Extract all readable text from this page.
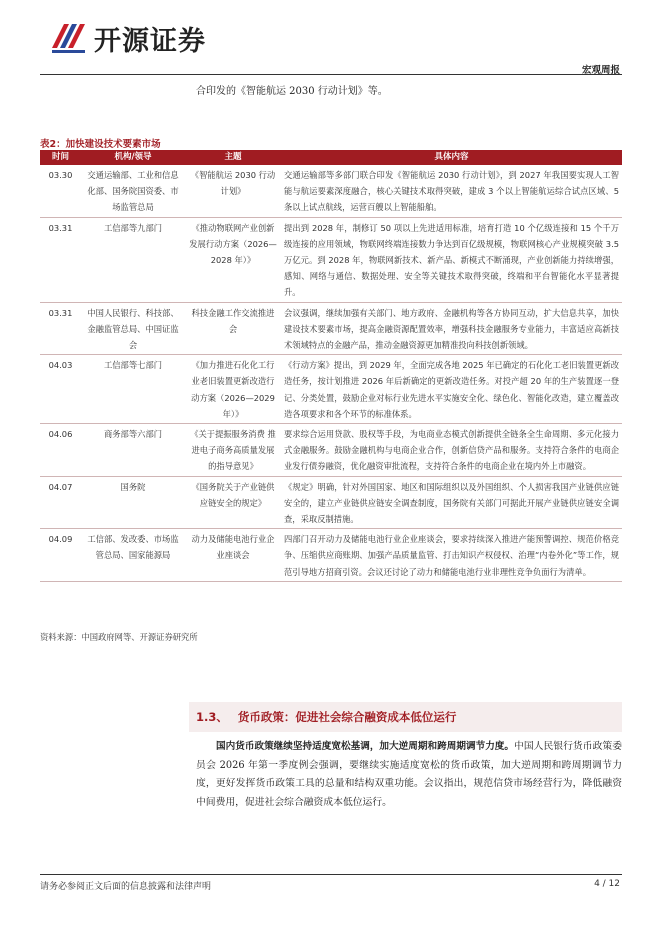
开源证券
宏观周报
合印发的《智能航运 2030 行动计划》等。
表2：加快建设技术要素市场
时间	机构/领导	主题	具体内容
03.30	交通运输部、工业和信息化部、国务院国资委、市场监管总局	《智能航运 2030 行动计划》	交通运输部等多部门联合印发《智能航运 2030 行动计划》，到 2027 年我国要实现人工智能与航运要素深度融合，核心关键技术取得突破，建成 3 个以上智能航运综合试点区域、5 条以上试点航线，运营百艘以上智能船舶。
03.31	工信部等九部门	《推动物联网产业创新发展行动方案（2026—2028 年）》	提出到 2028 年，制修订 50 项以上先进适用标准，培育打造 10 个亿级连接和 15 个千万级连接的应用领域，物联网终端连接数力争达到百亿级规模，物联网核心产业规模突破 3.5 万亿元。到 2028 年，物联网新技术、新产品、新模式不断涌现，产业创新能力持续增强，感知、网络与通信、数据处理、安全等关键技术取得突破，终端和平台智能化水平显著提升。
03.31	中国人民银行、科技部、金融监管总局、中国证监会	科技金融工作交流推进会	会议强调，继续加强有关部门、地方政府、金融机构等各方协同互动，扩大信息共享，加快建设技术要素市场，提高金融资源配置效率，增强科技金融服务专业能力，丰富适应高新技术领域特点的金融产品，推动金融资源更加精准投向科技创新领域。
04.03	工信部等七部门	《加力推进石化化工行业老旧装置更新改造行动方案（2026—2029 年）》	《行动方案》提出，到 2029 年，全面完成各地 2025 年已确定的石化化工老旧装置更新改造任务，按计划推进 2026 年后新确定的更新改造任务。对投产超 20 年的生产装置逐一登记、分类处置，鼓励企业对标行业先进水平实施安全化、绿色化、智能化改造，建立覆盖改造各项要求和各个环节的标准体系。
04.06	商务部等六部门	《关于提振服务消费 推进电子商务高质量发展的指导意见》	要求综合运用贷款、股权等手段，为电商业态模式创新提供全链条全生命周期、多元化接力式金融服务。鼓励金融机构与电商企业合作，创新信贷产品和服务。支持符合条件的电商企业发行债券融资，优化融资审批流程，支持符合条件的电商企业在境内外上市融资。
04.07	国务院	《国务院关于产业链供应链安全的规定》	《规定》明确，针对外国国家、地区和国际组织以及外国组织、个人损害我国产业链供应链安全的，建立产业链供应链安全调查制度，国务院有关部门可据此开展产业链供应链安全调查，采取反制措施。
04.09	工信部、发改委、市场监管总局、国家能源局	动力及储能电池行业企业座谈会	四部门召开动力及储能电池行业企业座谈会，要求持续深入推进产能预警调控、规范价格竞争、压缩供应商账期、加强产品质量监管、打击知识产权侵权、治理“内卷外化”等工作，规范引导地方招商引资。会议还讨论了动力和储能电池行业非理性竞争负面行为清单。
资料来源：中国政府网等、开源证券研究所
1.3、 货币政策：促进社会综合融资成本低位运行
国内货币政策继续坚持适度宽松基调，加大逆周期和跨周期调节力度。中国人民银行货币政策委员会 2026 年第一季度例会强调，要继续实施适度宽松的货币政策，加大逆周期和跨周期调节力度，更好发挥货币政策工具的总量和结构双重功能。会议指出，规范信贷市场经营行为，降低融资中间费用，促进社会综合融资成本低位运行。
请务必参阅正文后面的信息披露和法律声明	4 / 12
